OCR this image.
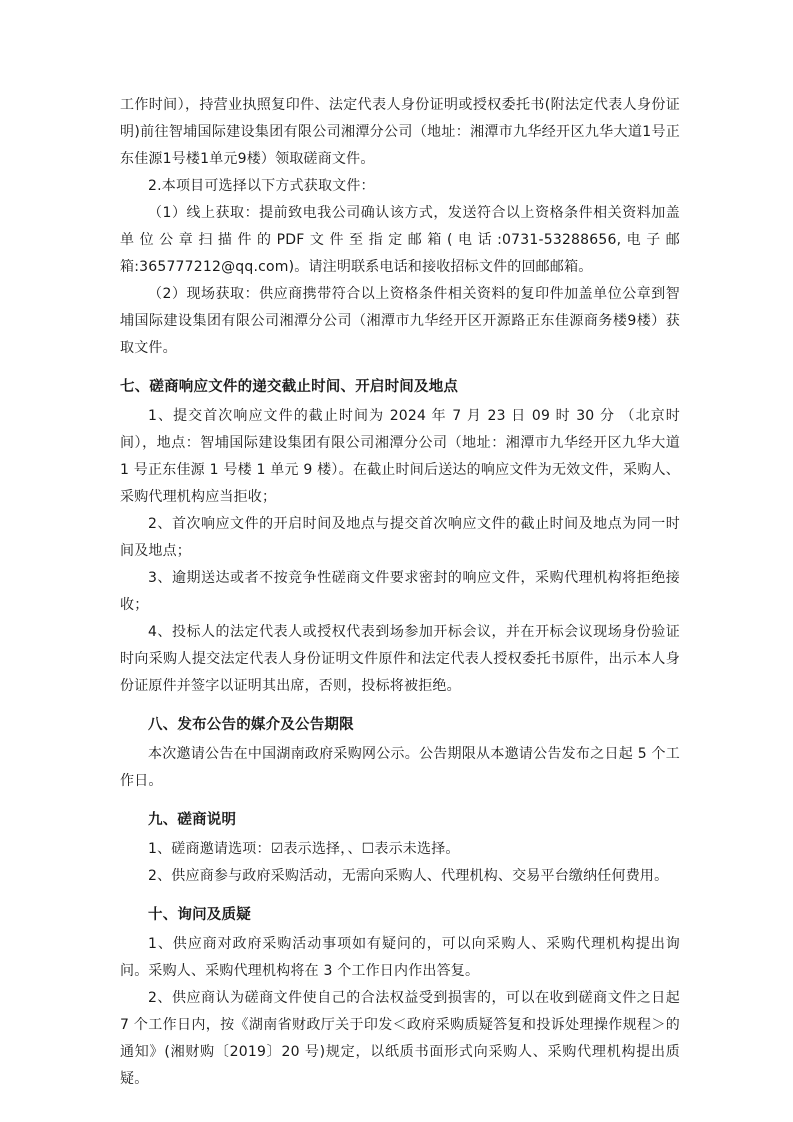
工作时间），持营业执照复印件、法定代表人身份证明或授权委托书(附法定代表人身份证明)前往智埔国际建设集团有限公司湘潭分公司（地址：湘潭市九华经开区九华大道1号正东佳源1号楼1单元9楼）领取磋商文件。

2.本项目可选择以下方式获取文件：

（1）线上获取：提前致电我公司确认该方式，发送符合以上资格条件相关资料加盖单位公章扫描件的PDF文件至指定邮箱(电话:0731-53288656,电子邮箱:365777212@qq.com)。请注明联系电话和接收招标文件的回邮邮箱。

（2）现场获取：供应商携带符合以上资格条件相关资料的复印件加盖单位公章到智埔国际建设集团有限公司湘潭分公司（湘潭市九华经开区开源路正东佳源商务楼9楼）获取文件。

七、磋商响应文件的递交截止时间、开启时间及地点

1、提交首次响应文件的截止时间为 2024 年 7 月 23 日 09 时 30 分 （北京时间），地点：智埔国际建设集团有限公司湘潭分公司（地址：湘潭市九华经开区九华大道 1 号正东佳源 1 号楼 1 单元 9 楼）。在截止时间后送达的响应文件为无效文件，采购人、采购代理机构应当拒收；

2、首次响应文件的开启时间及地点与提交首次响应文件的截止时间及地点为同一时间及地点；

3、逾期送达或者不按竞争性磋商文件要求密封的响应文件，采购代理机构将拒绝接收；

4、投标人的法定代表人或授权代表到场参加开标会议，并在开标会议现场身份验证时向采购人提交法定代表人身份证明文件原件和法定代表人授权委托书原件，出示本人身份证原件并签字以证明其出席，否则，投标将被拒绝。

八、发布公告的媒介及公告期限

本次邀请公告在中国湖南政府采购网公示。公告期限从本邀请公告发布之日起 5 个工作日。

九、磋商说明

1、磋商邀请选项：☑表示选择，、☐表示未选择。

2、供应商参与政府采购活动，无需向采购人、代理机构、交易平台缴纳任何费用。

十、询问及质疑

1、供应商对政府采购活动事项如有疑问的，可以向采购人、采购代理机构提出询问。采购人、采购代理机构将在 3 个工作日内作出答复。

2、供应商认为磋商文件使自己的合法权益受到损害的，可以在收到磋商文件之日起 7 个工作日内，按《湖南省财政厅关于印发＜政府采购质疑答复和投诉处理操作规程＞的通知》(湘财购〔2019〕20 号)规定，以纸质书面形式向采购人、采购代理机构提出质疑。
